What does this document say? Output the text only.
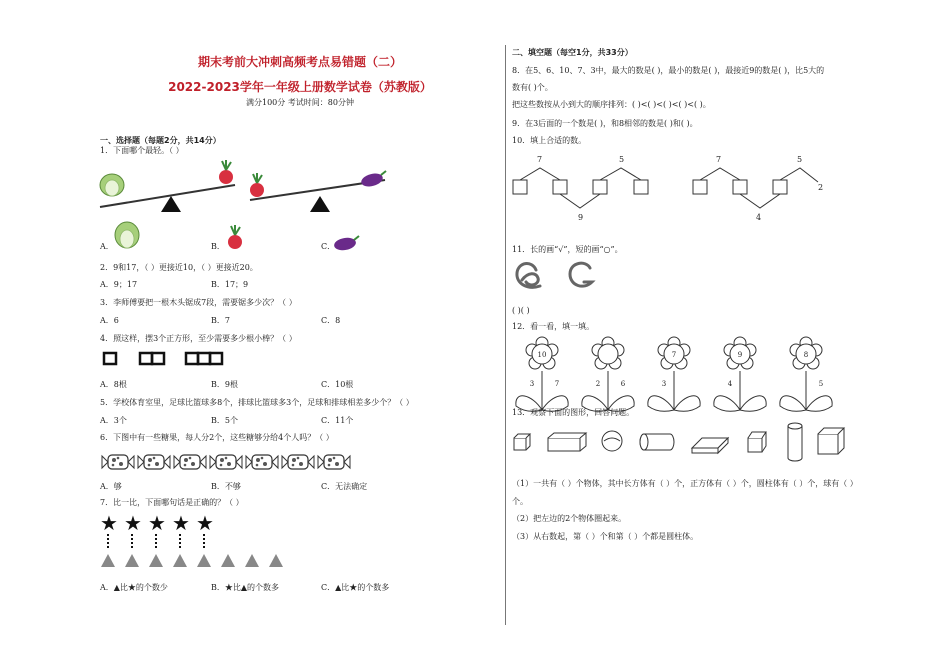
期末考前大冲刺高频考点易错题（二）
2022-2023学年一年级上册数学试卷（苏教版）
满分100分 考试时间：80分钟
一、选择题（每题2分，共14分）
1．下面哪个最轻。（ ）
A．	B．	C．
2．9和17，（ ）更接近10，（ ）更接近20。
A．9；17	B．17；9
3．李师傅要把一根木头锯成7段，需要锯多少次？（ ）
A．6	B．7	C．8
4．照这样，摆3个正方形，至少需要多少根小棒？（ ）
A．8根	B．9根	C．10根
5．学校体育室里，足球比篮球多8个，排球比篮球多3个，足球和排球相差多少个？（ ）
A．3个	B．5个	C．11个
6．下图中有一些糖果，每人分2个，这些糖够分给4个人吗？（ ）
A．够	B．不够	C．无法确定
7．比一比，下面哪句话是正确的？（ ）
★ ★ ★ ★ ★
A．▲比★的个数少	B．★比▲的个数多	C．▲比★的个数多
二、填空题（每空1分，共33分）
8．在5、6、10、7、3中，最大的数是( )，最小的数是( )，最接近9的数是( )，比5大的
数有( )个。
把这些数按从小到大的顺序排列：( )<( )<( )<( )<( )。
9．在3后面的一个数是( )，和8相邻的数是( )和( )。
10．填上合适的数。
7	5
9
7	5
4
2
11．长的画“√”，短的画“○”。
( )( )
12．看一看，填一填。
10
3	7	2	6
7
3
9
4
8
5
13．观察下面的图形，回答问题。
（1）一共有（ ）个物体，其中长方体有（ ）个，正方体有（ ）个，圆柱体有（ ）个，球有（ ）
个。
（2）把左边的2个物体圈起来。
（3）从右数起，第（ ）个和第（ ）个都是圆柱体。
